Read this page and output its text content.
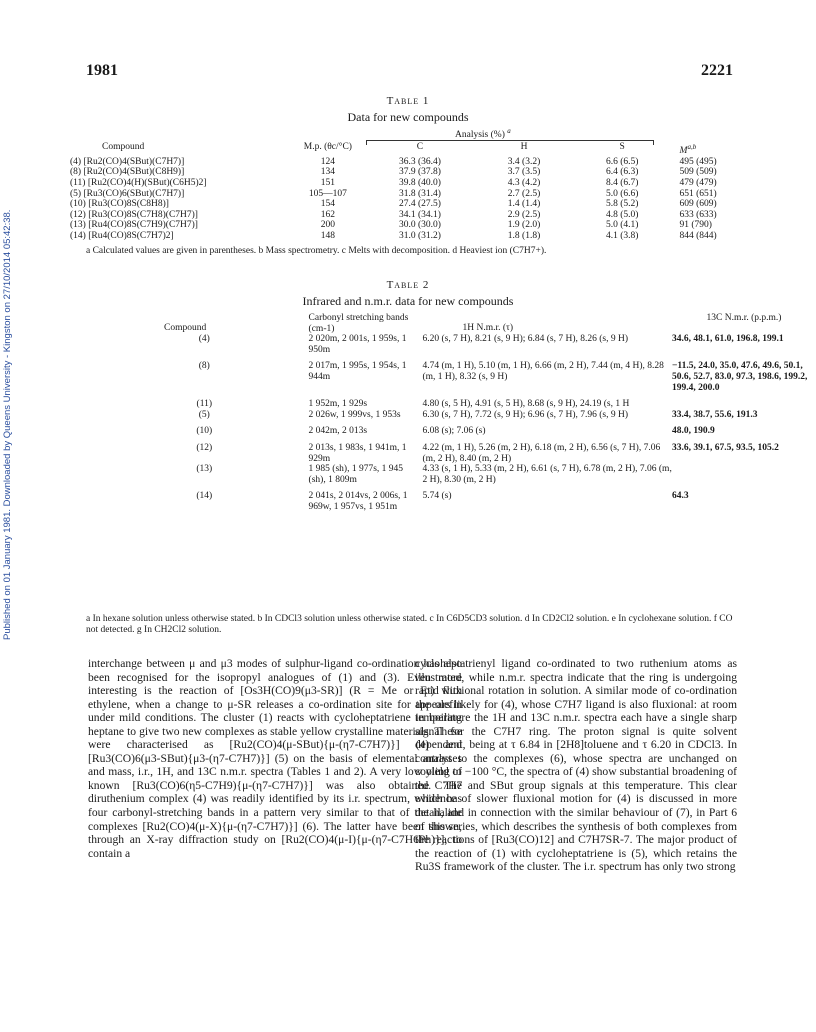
Published on 01 January 1981. Downloaded by Queens University - Kingston on 27/10/2014 05:42:38.
1981	2221
Table 1
Data for new compounds
Analysis (%) $^a$
Compound	M.p. (θc/°C)	C	H	S	M$^{a,b}$
(4) [Ru2(CO)4(SBut)(C7H7)]	124	36.3 (36.4)	3.4 (3.2)	6.6 (6.5)	495 (495)
(8) [Ru2(CO)4(SBut)(C8H9)]	134	37.9 (37.8)	3.7 (3.5)	6.4 (6.3)	509 (509)
(11) [Ru2(CO)4(H)(SBut)(C6H5)2]	151	39.8 (40.0)	4.3 (4.2)	8.4 (6.7)	479 (479)
(5) [Ru3(CO)6(SBut)(C7H7)]	105—107	31.8 (31.4)	2.7 (2.5)	5.0 (6.6)	651 (651)
(10) [Ru3(CO)8S(C8H8)]	154	27.4 (27.5)	1.4 (1.4)	5.8 (5.2)	609 (609)
(12) [Ru3(CO)8S(C7H8)(C7H7)]	162	34.1 (34.1)	2.9 (2.5)	4.8 (5.0)	633 (633)
(13) [Ru4(CO)8S(C7H9)(C7H7)]	200	30.0 (30.0)	1.9 (2.0)	5.0 (4.1)	91 (790)
(14) [Ru4(CO)8S(C7H7)2]	148	31.0 (31.2)	1.8 (1.8)	4.1 (3.8)	844 (844)
a Calculated values are given in parentheses. b Mass spectrometry. c Melts with decomposition. d Heaviest ion (C7H7+).
Table 2
Infrared and n.m.r. data for new compounds
Compound	Carbonyl stretching bands (cm-1)	1H N.m.r. (τ)	13C N.m.r. (p.p.m.)
(4)	2 020m, 2 001s, 1 959s, 1 950m	6.20 (s, 7 H), 8.21 (s, 9 H); 6.84 (s, 7 H), 8.26 (s, 9 H)	34.6, 48.1, 61.0, 196.8, 199.1
(8)	2 017m, 1 995s, 1 954s, 1 944m	4.74 (m, 1 H), 5.10 (m, 1 H), 6.66 (m, 2 H), 7.44 (m, 4 H), 8.28 (m, 1 H), 8.32 (s, 9 H)	−11.5, 24.0, 35.0, 47.6, 49.6, 50.1, 50.6, 52.7, 83.0, 97.3, 198.6, 199.2, 199.4, 200.0
(11)	1 952m, 1 929s	4.80 (s, 5 H), 4.91 (s, 5 H), 8.68 (s, 9 H), 24.19 (s, 1 H	
(5)	2 026w, 1 999vs, 1 953s	6.30 (s, 7 H), 7.72 (s, 9 H); 6.96 (s, 7 H), 7.96 (s, 9 H)	33.4, 38.7, 55.6, 191.3
(10)	2 042m, 2 013s	6.08 (s); 7.06 (s)	48.0, 190.9
(12)	2 013s, 1 983s, 1 941m, 1 929m	4.22 (m, 1 H), 5.26 (m, 2 H), 6.18 (m, 2 H), 6.56 (s, 7 H), 7.06 (m, 2 H), 8.40 (m, 2 H)	33.6, 39.1, 67.5, 93.5, 105.2
(13)	1 985 (sh), 1 977s, 1 945 (sh), 1 809m	4.33 (s, 1 H), 5.33 (m, 2 H), 6.61 (s, 7 H), 6.78 (m, 2 H), 7.06 (m, 2 H), 8.30 (m, 2 H)	
(14)	2 041s, 2 014vs, 2 006s, 1 969w, 1 957vs, 1 951m	5.74 (s)	64.3
a In hexane solution unless otherwise stated. b In CDCl3 solution unless otherwise stated. c In C6D5CD3 solution. d In CD2Cl2 solution. e In cyclohexane solution. f CO not detected. g In CH2Cl2 solution.

interchange between μ and μ3 modes of sulphur-ligand co-ordination has also been recognised for the isopropyl analogues of (1) and (3). Even more interesting is the reaction of [Os3H(CO)9(μ3-SR)] (R = Me or Et) with ethylene, when a change to μ-SR releases a co-ordination site for the olefin under mild conditions. The cluster (1) reacts with cycloheptatriene in boiling heptane to give two new complexes as stable yellow crystalline materials. These were characterised as [Ru2(CO)4(μ-SBut){μ-(η7-C7H7)}] (4) and [Ru3(CO)6(μ3-SBut){μ3-(η7-C7H7)}] (5) on the basis of elemental analyses and mass, i.r., 1H, and 13C n.m.r. spectra (Tables 1 and 2). A very low yield of known [Ru3(CO)6(η5-C7H9){μ-(η7-C7H7)}] was also obtained. The diruthenium complex (4) was readily identified by its i.r. spectrum, which has four carbonyl-stretching bands in a pattern very similar to that of the halide complexes [Ru2(CO)4(μ-X){μ-(η7-C7H7)}] (6). The latter have been shown, through an X-ray diffraction study on [Ru2(CO)4(μ-I){μ-(η7-C7H6Ph)}], to contain a

cycloheptatrienyl ligand co-ordinated to two ruthenium atoms as illustrated, while n.m.r. spectra indicate that the ring is undergoing rapid fluxional rotation in solution. A similar mode of co-ordination appears likely for (4), whose C7H7 ligand is also fluxional: at room temperature the 1H and 13C n.m.r. spectra each have a single sharp signal for the C7H7 ring. The proton signal is quite solvent dependent, being at τ 6.84 in [2H8]toluene and τ 6.20 in CDCl3. In contrast to the complexes (6), whose spectra are unchanged on cooling to −100 °C, the spectra of (4) show substantial broadening of the C7H7 and SBut group signals at this temperature. This clear evidence of slower fluxional motion for (4) is discussed in more detail, and in connection with the similar behaviour of (7), in Part 6 of this series, which describes the synthesis of both complexes from the reactions of [Ru3(CO)12] and C7H7SR-7. The major product of the reaction of (1) with cycloheptatriene is (5), which retains the Ru3S framework of the cluster. The i.r. spectrum has only two strong
